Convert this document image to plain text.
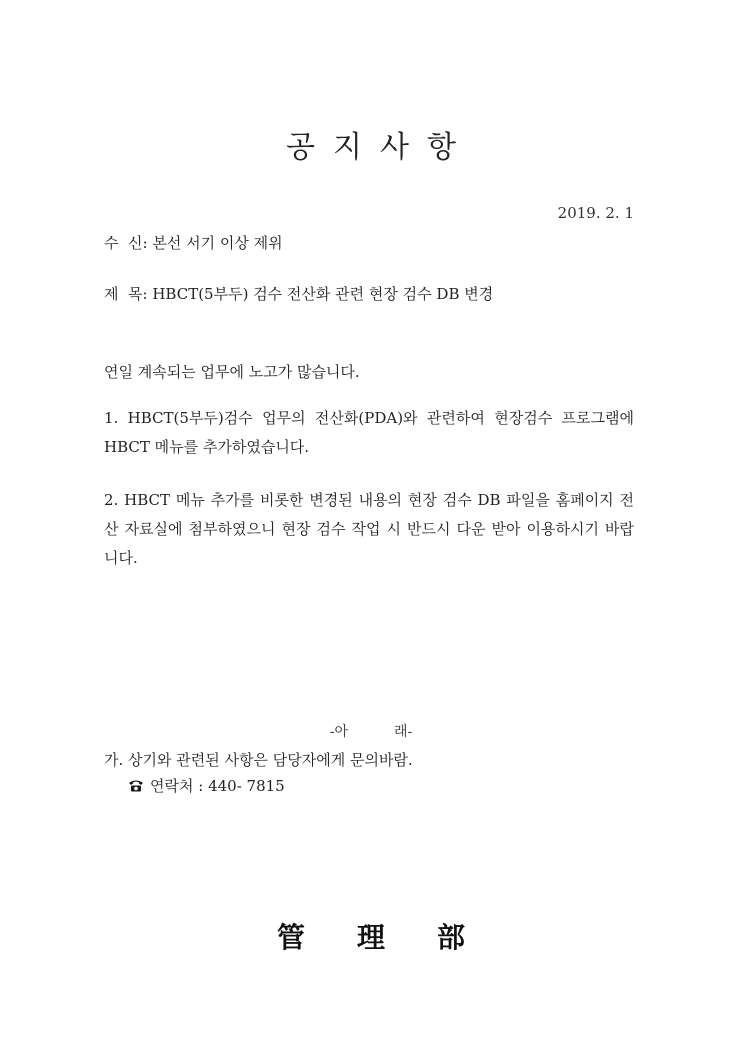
공 지 사 항
2019. 2. 1
수 신: 본선 서기 이상 제위
제 목: HBCT(5부두) 검수 전산화 관련 현장 검수 DB 변경

연일 계속되는 업무에 노고가 많습니다.

1. HBCT(5부두)검수 업무의 전산화(PDA)와 관련하여 현장검수 프로그램에 HBCT 메뉴를 추가하였습니다.

2. HBCT 메뉴 추가를 비롯한 변경된 내용의 현장 검수 DB 파일을 홈페이지 전산 자료실에 첨부하였으니 현장 검수 작업 시 반드시 다운 받아 이용하시기 바랍니다.

-아	래-
가. 상기와 관련된 사항은 담당자에게 문의바람.
연락처 : 440- 7815
管 理 部
